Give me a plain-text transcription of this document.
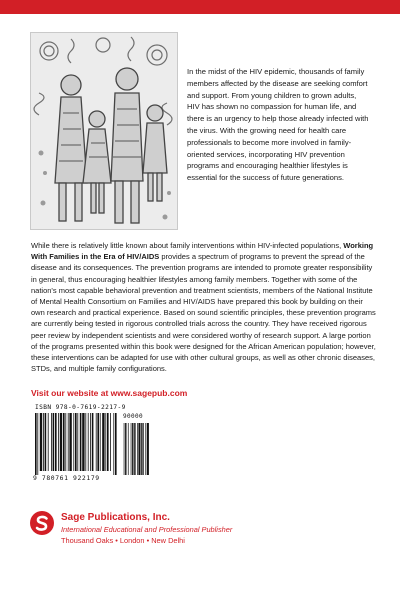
In the midst of the HIV epidemic, thousands of family members affected by the disease are seeking comfort and support. From young children to grown adults, HIV has shown no compassion for human life, and there is an urgency to help those already infected with the virus. With the growing need for health care professionals to become more involved in family-oriented services, incorporating HIV prevention programs and encouraging healthier lifestyles is essential for the success of future generations.

While there is relatively little known about family interventions within HIV-infected populations, Working With Families in the Era of HIV/AIDS provides a spectrum of programs to prevent the spread of the disease and its consequences. The prevention programs are intended to promote greater responsibility in general, thus encouraging healthier lifestyles among family members. Together with some of the nation's most capable behavioral prevention and treatment scientists, members of the National Institute of Mental Health Consortium on Families and HIV/AIDS have prepared this book by building on their own research and practical experience. Based on sound scientific principles, these prevention programs are currently being tested in rigorous controlled trials across the country. They have received rigorous peer review by independent scientists and were considered worthy of research support. A large portion of the programs presented within this book were designed for the African American population; however, these interventions can be adapted for use with other cultural groups, as well as other chronic diseases, STDs, and multiple family configurations.

Visit our website at www.sagepub.com
ISBN 978-0-7619-2217-9
90000
9 780761 922179
Sage Publications, Inc.
International Educational and Professional Publisher
Thousand Oaks • London • New Delhi
